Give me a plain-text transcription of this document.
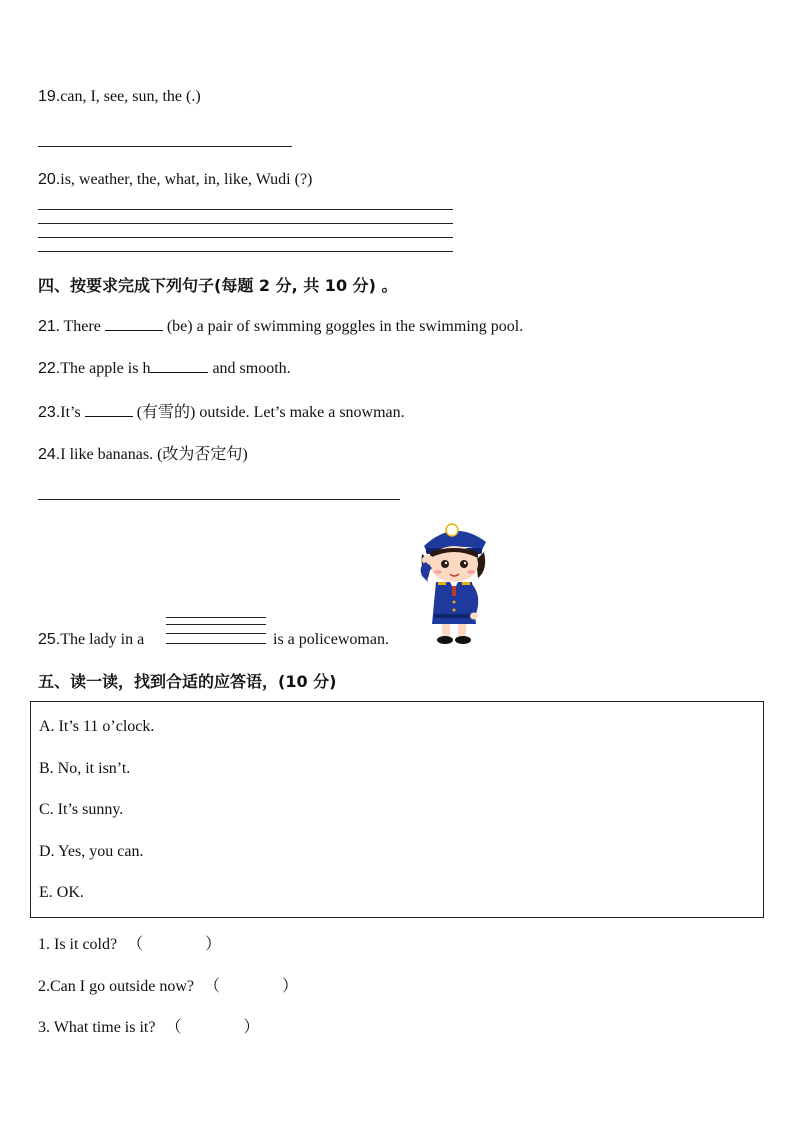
19.can, I, see, sun, the (.)
20.is, weather, the, what, in, like, Wudi (?)
四、按要求完成下列句子(每题 2 分, 共 10 分) 。
21. There	(be) a pair of swimming goggles in the swimming pool.
22.The apple is h	and smooth.
23.It’s	(有雪的) outside. Let’s make a snowman.
24.I like bananas. (改为否定句)
25.The lady in a	is a policewoman.
五、读一读，找到合适的应答语，(10 分)
A. It’s 11 o’clock.
B. No, it isn’t.
C. It’s sunny.
D. Yes, you can.
E. OK.
1. Is it cold? （	）
2.Can I go outside now? （	）
3. What time is it? （	）
